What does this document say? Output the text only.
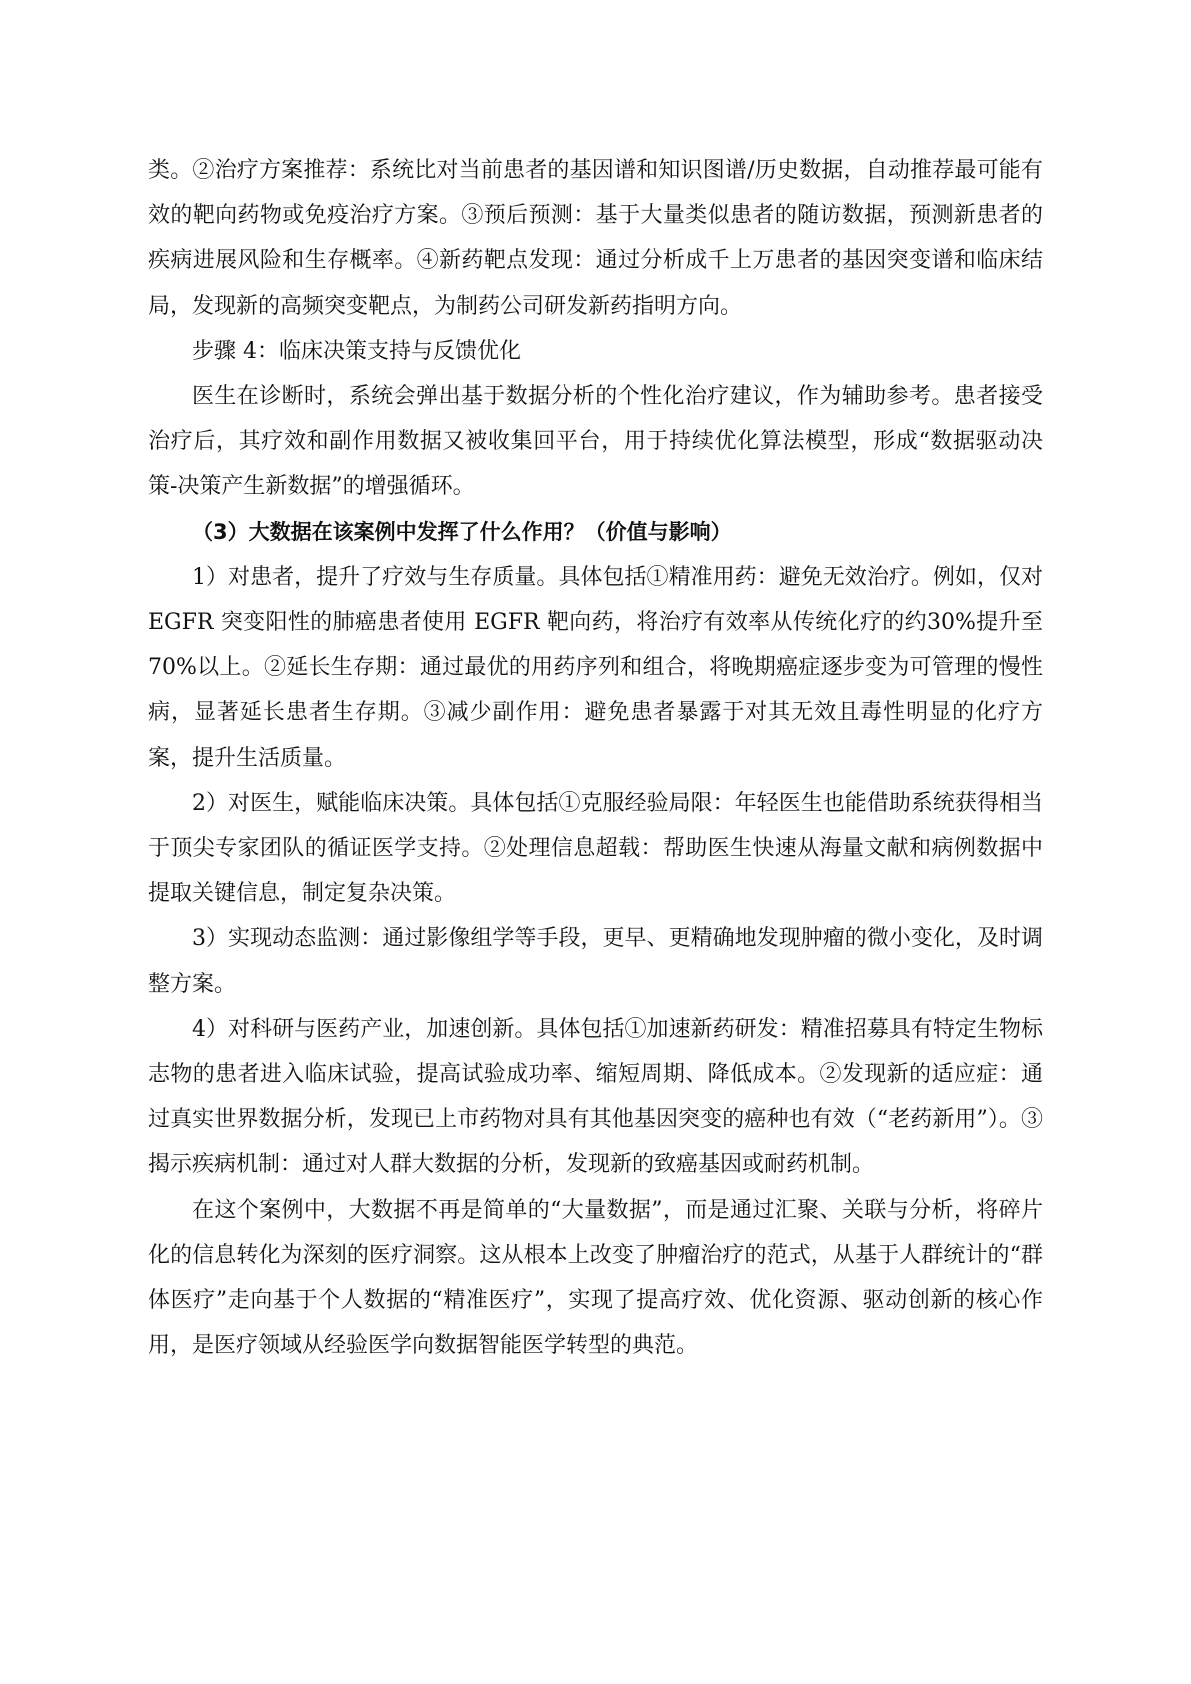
类。②治疗方案推荐：系统比对当前患者的基因谱和知识图谱/历史数据，自动推荐最可能有效的靶向药物或免疫治疗方案。③预后预测：基于大量类似患者的随访数据，预测新患者的疾病进展风险和生存概率。④新药靶点发现：通过分析成千上万患者的基因突变谱和临床结局，发现新的高频突变靶点，为制药公司研发新药指明方向。

步骤 4：临床决策支持与反馈优化

医生在诊断时，系统会弹出基于数据分析的个性化治疗建议，作为辅助参考。患者接受治疗后，其疗效和副作用数据又被收集回平台，用于持续优化算法模型，形成“数据驱动决策-决策产生新数据”的增强循环。

（3）大数据在该案例中发挥了什么作用？（价值与影响）

1）对患者，提升了疗效与生存质量。具体包括①精准用药：避免无效治疗。例如，仅对 EGFR 突变阳性的肺癌患者使用 EGFR 靶向药，将治疗有效率从传统化疗的约30%提升至 70%以上。②延长生存期：通过最优的用药序列和组合，将晚期癌症逐步变为可管理的慢性病，显著延长患者生存期。③减少副作用：避免患者暴露于对其无效且毒性明显的化疗方案，提升生活质量。

2）对医生，赋能临床决策。具体包括①克服经验局限：年轻医生也能借助系统获得相当于顶尖专家团队的循证医学支持。②处理信息超载：帮助医生快速从海量文献和病例数据中提取关键信息，制定复杂决策。

3）实现动态监测：通过影像组学等手段，更早、更精确地发现肿瘤的微小变化，及时调整方案。

4）对科研与医药产业，加速创新。具体包括①加速新药研发：精准招募具有特定生物标志物的患者进入临床试验，提高试验成功率、缩短周期、降低成本。②发现新的适应症：通过真实世界数据分析，发现已上市药物对具有其他基因突变的癌种也有效（“老药新用”）。③揭示疾病机制：通过对人群大数据的分析，发现新的致癌基因或耐药机制。

在这个案例中，大数据不再是简单的“大量数据”，而是通过汇聚、关联与分析，将碎片化的信息转化为深刻的医疗洞察。这从根本上改变了肿瘤治疗的范式，从基于人群统计的“群体医疗”走向基于个人数据的“精准医疗”，实现了提高疗效、优化资源、驱动创新的核心作用，是医疗领域从经验医学向数据智能医学转型的典范。
